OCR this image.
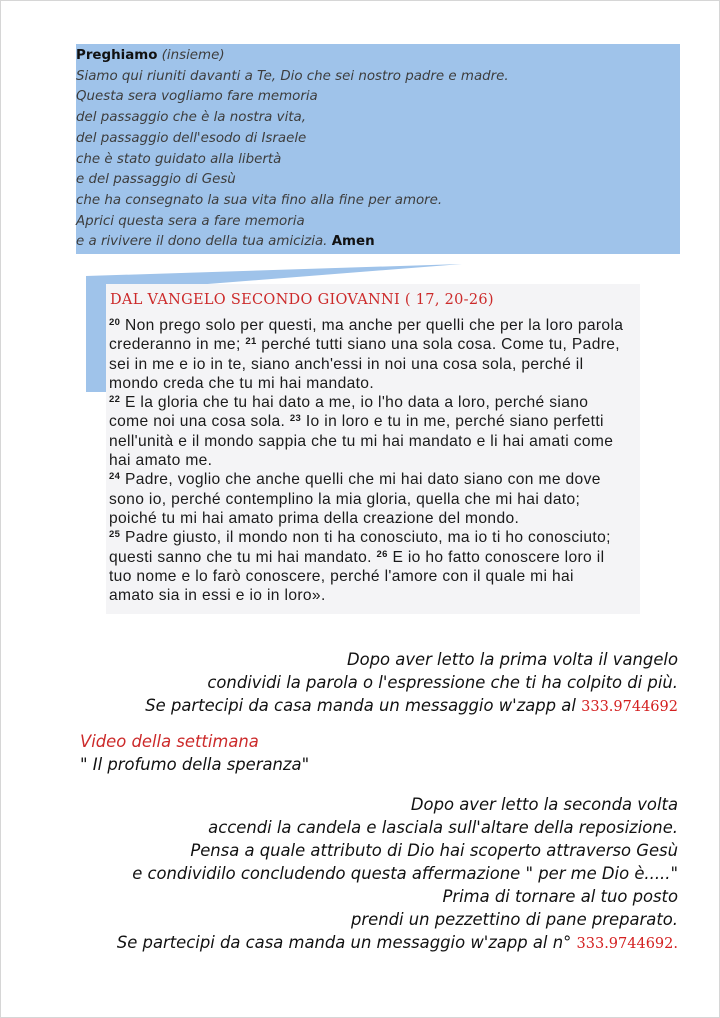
Preghiamo (insieme)
Siamo qui riuniti davanti a Te, Dio che sei nostro padre e madre.
Questa sera vogliamo fare memoria
del passaggio che è la nostra vita,
del passaggio dell'esodo di Israele
che è stato guidato alla libertà
e del passaggio di Gesù
che ha consegnato la sua vita fino alla fine per amore.
Aprici questa sera a fare memoria
e a rivivere il dono della tua amicizia. Amen
DAL VANGELO SECONDO GIOVANNI ( 17, 20-26)
$^{20}$ Non prego solo per questi, ma anche per quelli che per la loro parola
crederanno in me; $^{21}$ perché tutti siano una sola cosa. Come tu, Padre,
sei in me e io in te, siano anch'essi in noi una cosa sola, perché il
mondo creda che tu mi hai mandato.
$^{22}$ E la gloria che tu hai dato a me, io l'ho data a loro, perché siano
come noi una cosa sola. $^{23}$ Io in loro e tu in me, perché siano perfetti
nell'unità e il mondo sappia che tu mi hai mandato e li hai amati come
hai amato me.
$^{24}$ Padre, voglio che anche quelli che mi hai dato siano con me dove
sono io, perché contemplino la mia gloria, quella che mi hai dato;
poiché tu mi hai amato prima della creazione del mondo.
$^{25}$ Padre giusto, il mondo non ti ha conosciuto, ma io ti ho conosciuto;
questi sanno che tu mi hai mandato. $^{26}$ E io ho fatto conoscere loro il
tuo nome e lo farò conoscere, perché l'amore con il quale mi hai
amato sia in essi e io in loro».
Dopo aver letto la prima volta il vangelo
condividi la parola o l'espressione che ti ha colpito di più.
Se partecipi da casa manda un messaggio w'zapp al 333.9744692
Video della settimana
" Il profumo della speranza"
Dopo aver letto la seconda volta
accendi la candela e lasciala sull'altare della reposizione.
Pensa a quale attributo di Dio hai scoperto attraverso Gesù
e condividilo concludendo questa affermazione " per me Dio è....."
Prima di tornare al tuo posto
prendi un pezzettino di pane preparato.
Se partecipi da casa manda un messaggio w'zapp al n° 333.9744692.
